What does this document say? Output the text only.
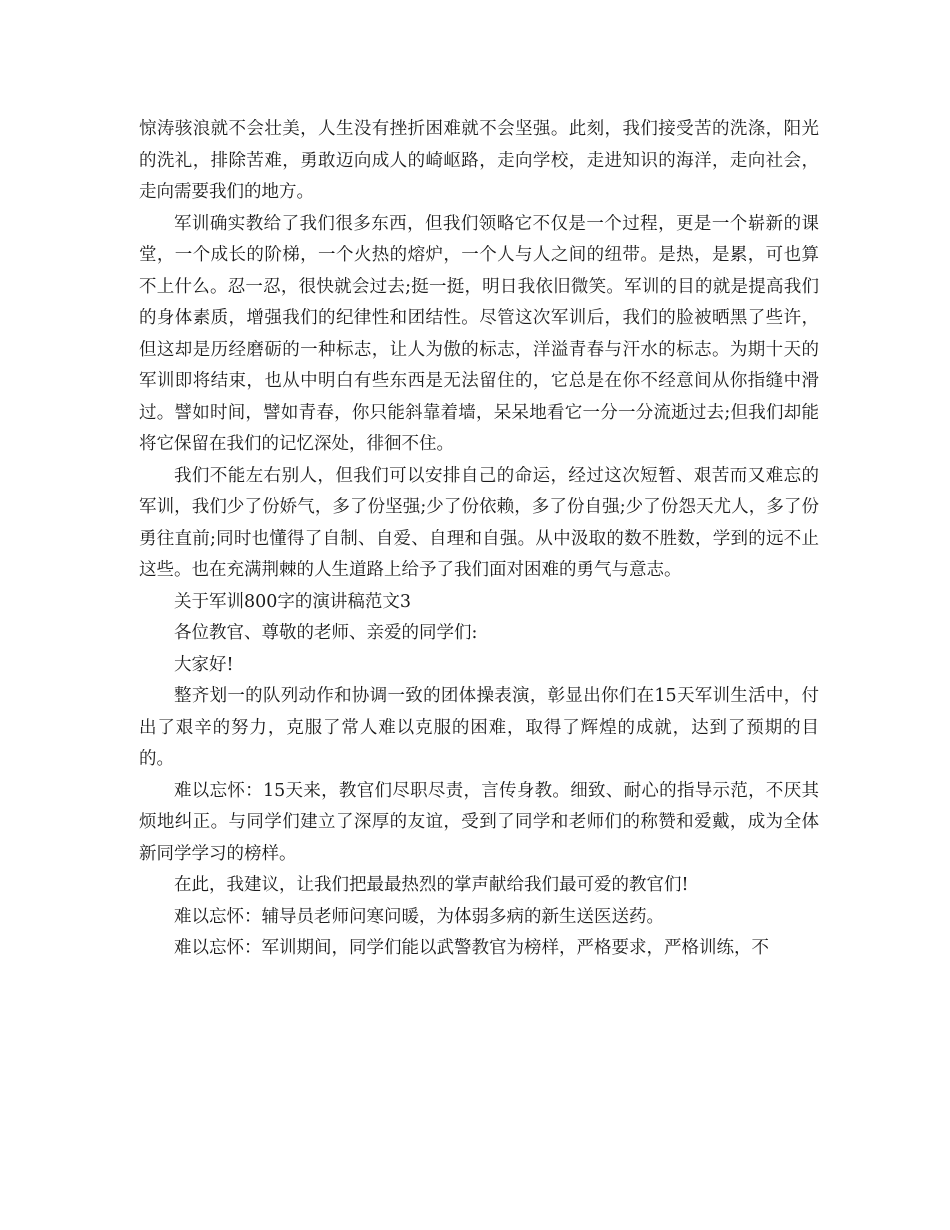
惊涛骇浪就不会壮美，人生没有挫折困难就不会坚强。此刻，我们接受苦的洗涤，阳光的洗礼，排除苦难，勇敢迈向成人的崎岖路，走向学校，走进知识的海洋，走向社会，走向需要我们的地方。

军训确实教给了我们很多东西，但我们领略它不仅是一个过程，更是一个崭新的课堂，一个成长的阶梯，一个火热的熔炉，一个人与人之间的纽带。是热，是累，可也算不上什么。忍一忍，很快就会过去;挺一挺，明日我依旧微笑。军训的目的就是提高我们的身体素质，增强我们的纪律性和团结性。尽管这次军训后，我们的脸被晒黑了些许，但这却是历经磨砺的一种标志，让人为傲的标志，洋溢青春与汗水的标志。为期十天的军训即将结束，也从中明白有些东西是无法留住的，它总是在你不经意间从你指缝中滑过。譬如时间，譬如青春，你只能斜靠着墙，呆呆地看它一分一分流逝过去;但我们却能将它保留在我们的记忆深处，徘徊不住。

我们不能左右别人，但我们可以安排自己的命运，经过这次短暂、艰苦而又难忘的军训，我们少了份娇气，多了份坚强;少了份依赖，多了份自强;少了份怨天尤人，多了份勇往直前;同时也懂得了自制、自爱、自理和自强。从中汲取的数不胜数，学到的远不止这些。也在充满荆棘的人生道路上给予了我们面对困难的勇气与意志。

关于军训800字的演讲稿范文3

各位教官、尊敬的老师、亲爱的同学们:

大家好!

整齐划一的队列动作和协调一致的团体操表演，彰显出你们在15天军训生活中，付出了艰辛的努力，克服了常人难以克服的困难，取得了辉煌的成就，达到了预期的目的。

难以忘怀：15天来，教官们尽职尽责，言传身教。细致、耐心的指导示范，不厌其烦地纠正。与同学们建立了深厚的友谊，受到了同学和老师们的称赞和爱戴，成为全体新同学学习的榜样。

在此，我建议，让我们把最最热烈的掌声献给我们最可爱的教官们!

难以忘怀：辅导员老师问寒问暖，为体弱多病的新生送医送药。

难以忘怀：军训期间，同学们能以武警教官为榜样，严格要求，严格训练，不
